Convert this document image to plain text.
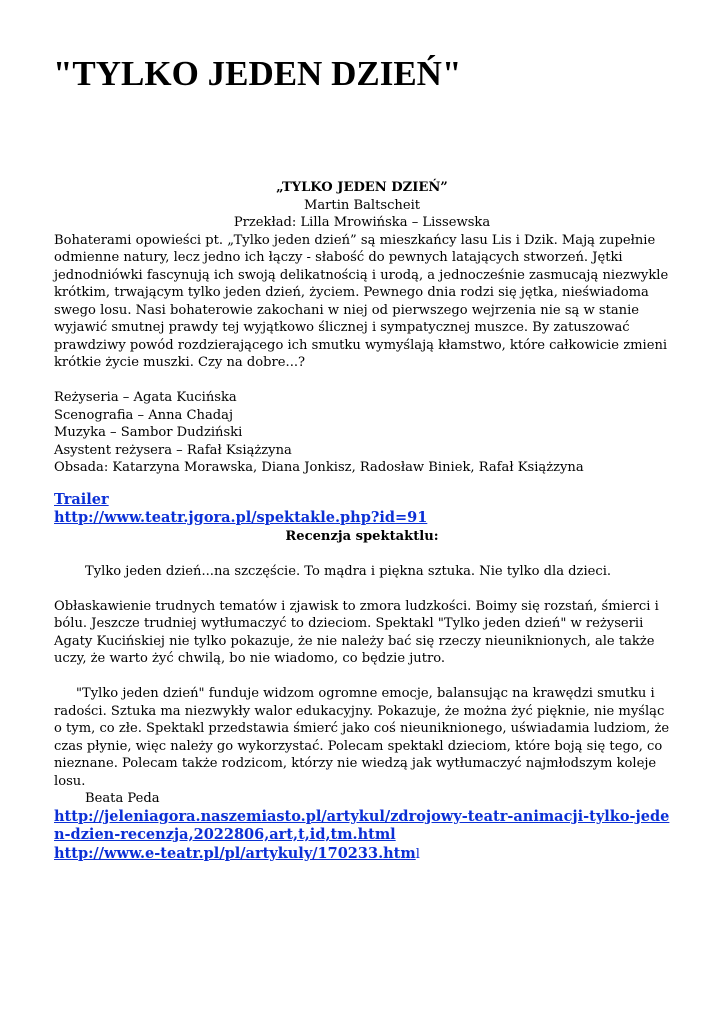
"TYLKO JEDEN DZIEŃ"

„TYLKO JEDEN DZIEŃ”

Martin Baltscheit

Przekład: Lilla Mrowińska – Lissewska

Bohaterami opowieści pt. „Tylko jeden dzień” są mieszkańcy lasu Lis i Dzik. Mają zupełnie odmienne natury, lecz jedno ich łączy - słabość do pewnych latających stworzeń. Jętki jednodniówki fascynują ich swoją delikatnością i urodą, a jednocześnie zasmucają niezwykle krótkim, trwającym tylko jeden dzień, życiem. Pewnego dnia rodzi się jętka, nieświadoma swego losu. Nasi bohaterowie zakochani w niej od pierwszego wejrzenia nie są w stanie wyjawić smutnej prawdy tej wyjątkowo ślicznej i sympatycznej muszce. By zatuszować prawdziwy powód rozdzierającego ich smutku wymyślają kłamstwo, które całkowicie zmieni krótkie życie muszki. Czy na dobre...?

Reżyseria – Agata Kucińska

Scenografia – Anna Chadaj

Muzyka – Sambor Dudziński

Asystent reżysera – Rafał Książzyna

Obsada: Katarzyna Morawska, Diana Jonkisz, Radosław Biniek, Rafał Książzyna

Trailer
http://www.teatr.jgora.pl/spektakle.php?id=91

Recenzja spektaktlu:

Tylko jeden dzień...na szczęście. To mądra i piękna sztuka. Nie tylko dla dzieci.

Obłaskawienie trudnych tematów i zjawisk to zmora ludzkości. Boimy się rozstań, śmierci i bólu. Jeszcze trudniej wytłumaczyć to dzieciom. Spektakl "Tylko jeden dzień" w reżyserii Agaty Kucińskiej nie tylko pokazuje, że nie należy bać się rzeczy nieuniknionych, ale także uczy, że warto żyć chwilą, bo nie wiadomo, co będzie jutro.

"Tylko jeden dzień" funduje widzom ogromne emocje, balansując na krawędzi smutku i radości. Sztuka ma niezwykły walor edukacyjny. Pokazuje, że można żyć pięknie, nie myśląc o tym, co złe. Spektakl przedstawia śmierć jako coś nieuniknionego, uświadamia ludziom, że czas płynie, więc należy go wykorzystać. Polecam spektakl dzieciom, które boją się tego, co nieznane. Polecam także rodzicom, którzy nie wiedzą jak wytłumaczyć najmłodszym koleje losu.

Beata Peda

http://jeleniagora.naszemiasto.pl/artykul/zdrojowy-teatr-animacji-tylko-jeden-dzien-recenzja,2022806,art,t,id,tm.html
http://www.e-teatr.pl/pl/artykuly/170233.html
